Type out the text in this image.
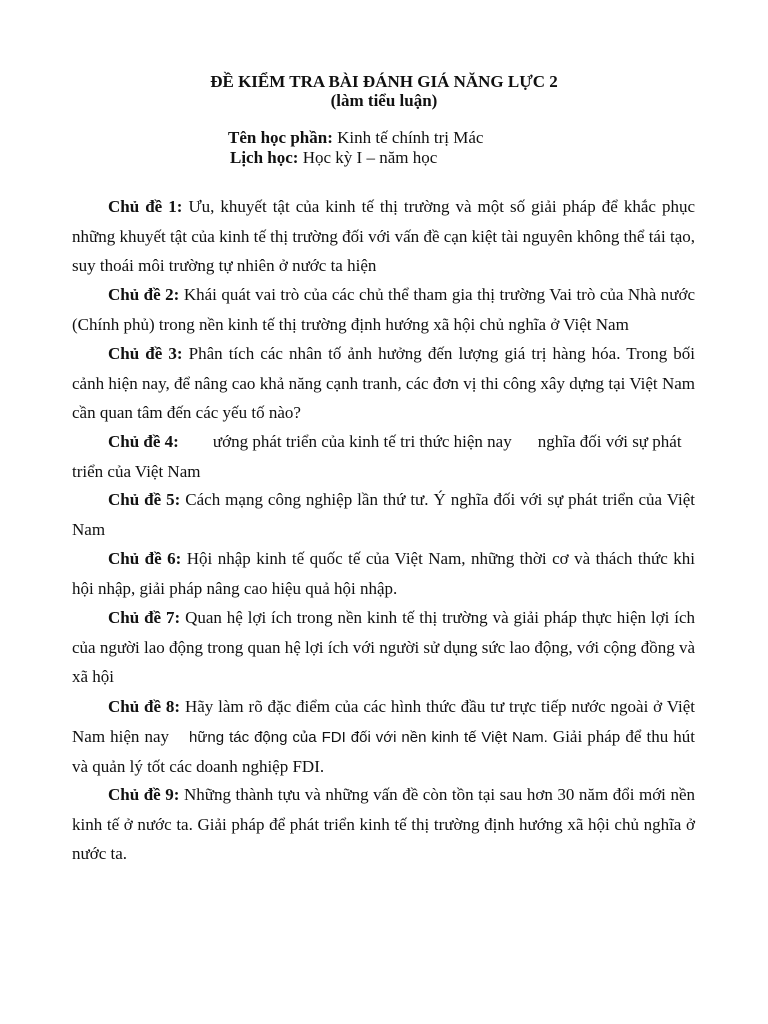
ĐỀ KIỂM TRA BÀI ĐÁNH GIÁ NĂNG LỰC 2
(làm tiểu luận)
Tên học phần: Kinh tế chính trị Mác
Lịch học: Học kỳ I – năm học

Chủ đề 1: Ưu, khuyết tật của kinh tế thị trường và một số giải pháp để khắc phục những khuyết tật của kinh tế thị trường đối với vấn đề cạn kiệt tài nguyên không thể tái tạo, suy thoái môi trường tự nhiên ở nước ta hiện

Chủ đề 2: Khái quát vai trò của các chủ thể tham gia thị trường Vai trò của Nhà nước (Chính phủ) trong nền kinh tế thị trường định hướng xã hội chủ nghĩa ở Việt Nam

Chủ đề 3: Phân tích các nhân tố ảnh hưởng đến lượng giá trị hàng hóa. Trong bối cảnh hiện nay, để nâng cao khả năng cạnh tranh, các đơn vị thi công xây dựng tại Việt Nam cần quan tâm đến các yếu tố nào?

Chủ đề 4: ướng phát triển của kinh tế tri thức hiện nay nghĩa đối với sự phát triển của Việt Nam

Chủ đề 5: Cách mạng công nghiệp lần thứ tư. Ý nghĩa đối với sự phát triển của Việt Nam

Chủ đề 6: Hội nhập kinh tế quốc tế của Việt Nam, những thời cơ và thách thức khi hội nhập, giải pháp nâng cao hiệu quả hội nhập.

Chủ đề 7: Quan hệ lợi ích trong nền kinh tế thị trường và giải pháp thực hiện lợi ích của người lao động trong quan hệ lợi ích với người sử dụng sức lao động, với cộng đồng và xã hội

Chủ đề 8: Hãy làm rõ đặc điểm của các hình thức đầu tư trực tiếp nước ngoài ở Việt Nam hiện nay hững tác động của FDI đối với nền kinh tế Việt Nam. Giải pháp để thu hút và quản lý tốt các doanh nghiệp FDI.

Chủ đề 9: Những thành tựu và những vấn đề còn tồn tại sau hơn 30 năm đổi mới nền kinh tế ở nước ta. Giải pháp để phát triển kinh tế thị trường định hướng xã hội chủ nghĩa ở nước ta.
